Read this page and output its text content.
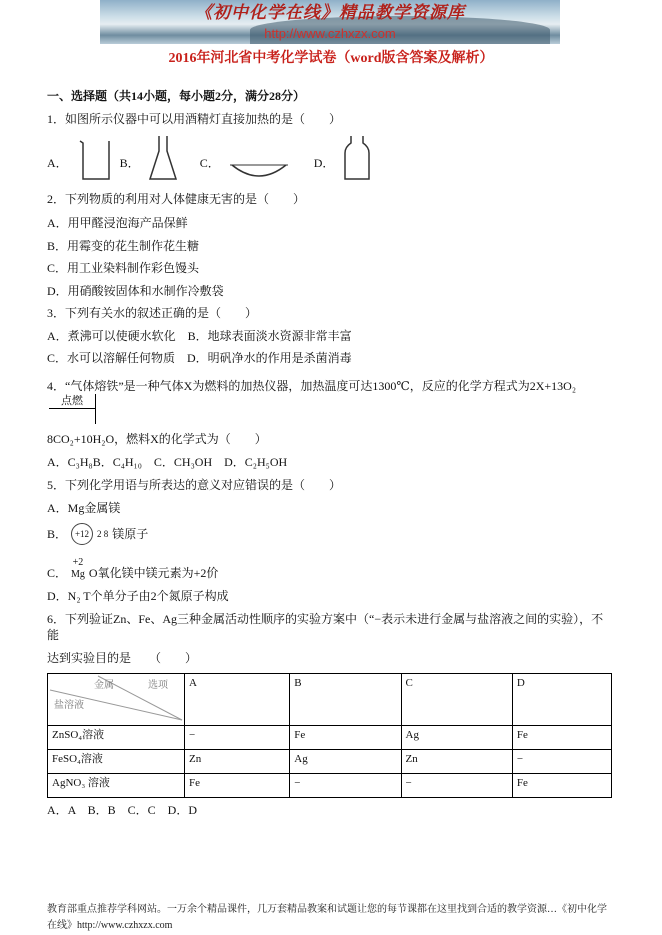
《初中化学在线》精品教学资源库
http://www.czhxzx.com
2016年河北省中考化学试卷（word版含答案及解析）
一、选择题（共14小题，每小题2分，满分28分）
1．如图所示仪器中可以用酒精灯直接加热的是（　　）
A．	B．	C．	D．
2．下列物质的利用对人体健康无害的是（　　）
A．用甲醛浸泡海产品保鲜
B．用霉变的花生制作花生糖
C．用工业染料制作彩色馒头
D．用硝酸铵固体和水制作冷敷袋
3．下列有关水的叙述正确的是（　　）
A．煮沸可以使硬水软化　B．地球表面淡水资源非常丰富
C．水可以溶解任何物质　D．明矾净水的作用是杀菌消毒
4．“气体熔铁”是一种气体X为燃料的加热仪器，加热温度可达1300℃，反应的化学方程式为2X+13O₂
点燃
8CO₂+10H₂O，燃料X的化学式为（　　）
A．C₃H₈B．C₄H₁₀　C．CH₃OH　D．C₂H₅OH
5．下列化学用语与所表达的意义对应错误的是（　　）
A．Mg金属镁
B． +12 2 8 镁原子
C．
+2
Mg O氧化镁中镁元素为+2价
D．N₂ T个单分子由2个氮原子构成
6．下列验证Zn、Fe、Ag三种金属活动性顺序的实验方案中（“−表示未进行金属与盐溶液之间的实验），不能
达到实验目的是　　（　　）
金属 选项
盐溶液	A	B	C	D
ZnSO₄溶液	−	Fe	Ag	Fe
FeSO₄溶液	Zn	Ag	Zn	−
AgNO₃ 溶液	Fe	−	−	Fe
A．A　B．B　C．C　D．D
教育部重点推荐学科网站。一万余个精品课件，几万套精品教案和试题让您的每节课都在这里找到合适的教学资源…《初中化学
在线》http://www.czhxzx.com
